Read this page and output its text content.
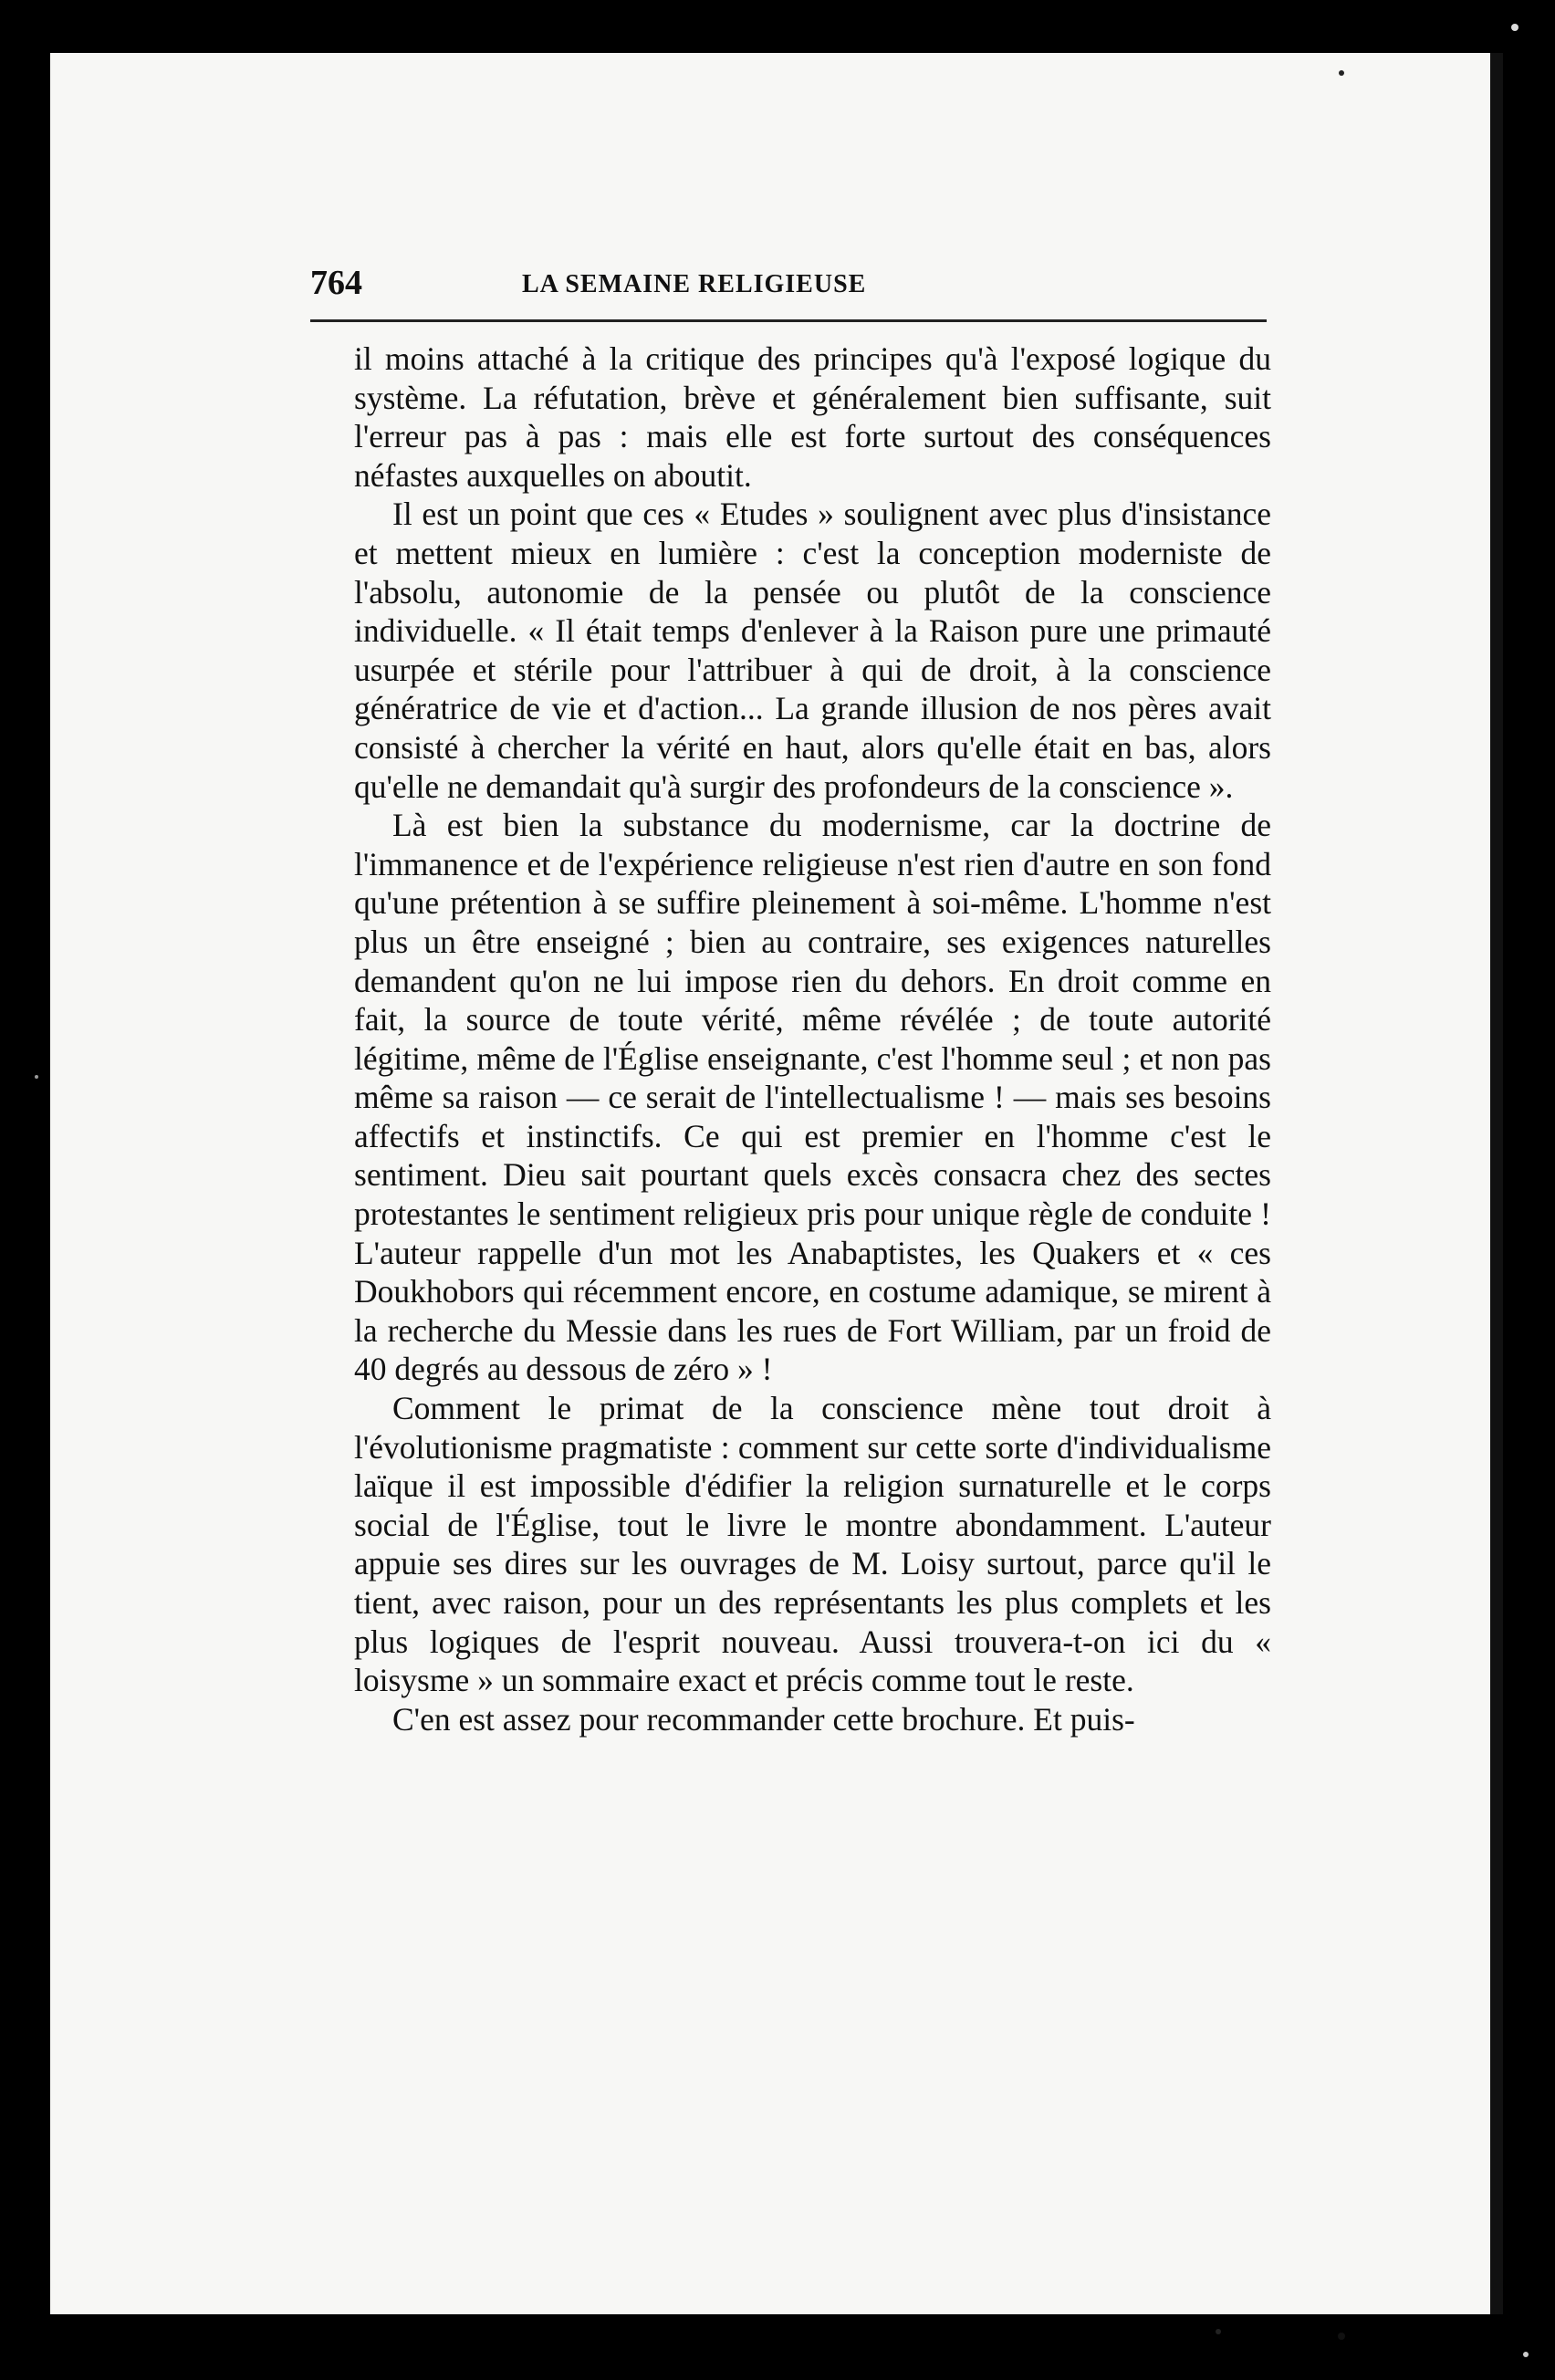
764	LA SEMAINE RELIGIEUSE

il moins attaché à la critique des principes qu'à l'exposé logique du système. La réfutation, brève et généralement bien suffisante, suit l'erreur pas à pas : mais elle est forte surtout des conséquences néfastes auxquelles on aboutit.

Il est un point que ces « Etudes » soulignent avec plus d'insistance et mettent mieux en lumière : c'est la conception moderniste de l'absolu, autonomie de la pensée ou plutôt de la conscience individuelle. « Il était temps d'enlever à la Raison pure une primauté usurpée et stérile pour l'attribuer à qui de droit, à la conscience génératrice de vie et d'action... La grande illusion de nos pères avait consisté à chercher la vérité en haut, alors qu'elle était en bas, alors qu'elle ne demandait qu'à surgir des profondeurs de la conscience ».

Là est bien la substance du modernisme, car la doctrine de l'immanence et de l'expérience religieuse n'est rien d'autre en son fond qu'une prétention à se suffire pleinement à soi-même. L'homme n'est plus un être enseigné ; bien au contraire, ses exigences naturelles demandent qu'on ne lui impose rien du dehors. En droit comme en fait, la source de toute vérité, même révélée ; de toute autorité légitime, même de l'Église enseignante, c'est l'homme seul ; et non pas même sa raison — ce serait de l'intellectualisme ! — mais ses besoins affectifs et instinctifs. Ce qui est premier en l'homme c'est le sentiment. Dieu sait pourtant quels excès consacra chez des sectes protestantes le sentiment religieux pris pour unique règle de conduite ! L'auteur rappelle d'un mot les Anabaptistes, les Quakers et « ces Doukhobors qui récemment encore, en costume adamique, se mirent à la recherche du Messie dans les rues de Fort William, par un froid de 40 degrés au dessous de zéro » !

Comment le primat de la conscience mène tout droit à l'évolutionisme pragmatiste : comment sur cette sorte d'individualisme laïque il est impossible d'édifier la religion surnaturelle et le corps social de l'Église, tout le livre le montre abondamment. L'auteur appuie ses dires sur les ouvrages de M. Loisy surtout, parce qu'il le tient, avec raison, pour un des représentants les plus complets et les plus logiques de l'esprit nouveau. Aussi trouvera-t-on ici du « loisysme » un sommaire exact et précis comme tout le reste.

C'en est assez pour recommander cette brochure. Et puis-
